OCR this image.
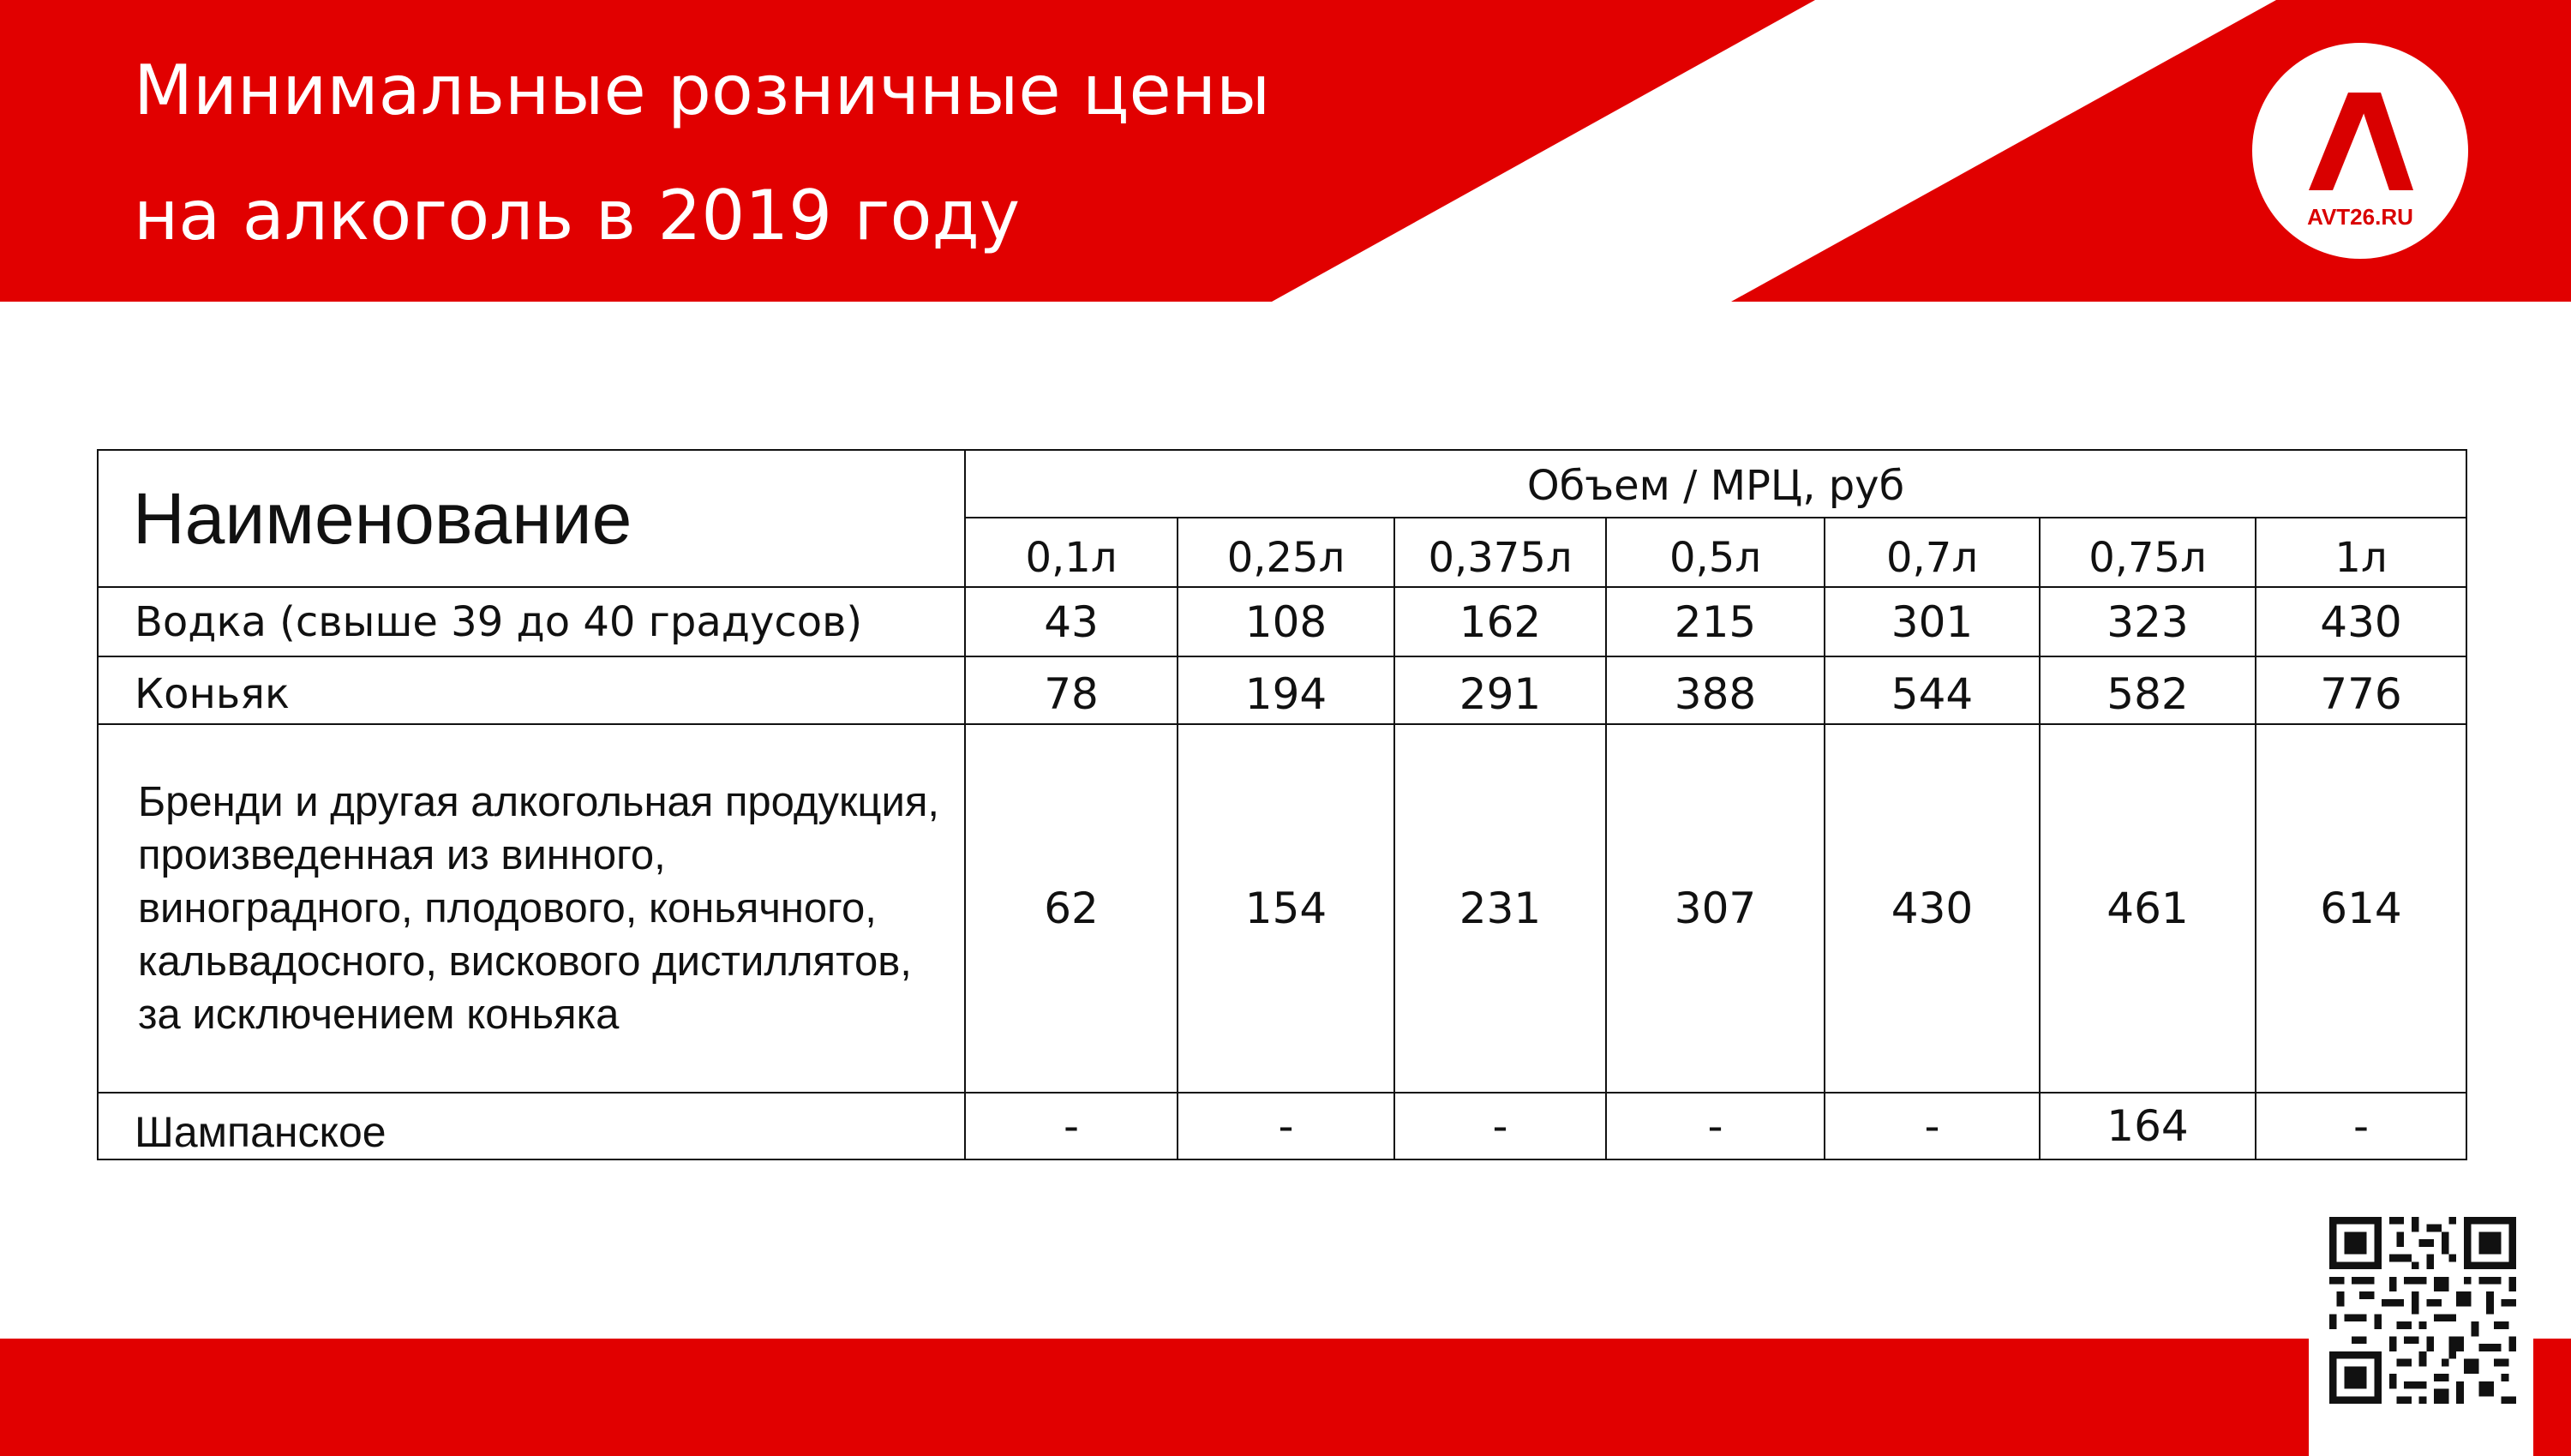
Минимальные розничные цены
на алкоголь в 2019 году	AVT26.RU
Наименование	Объем / МРЦ, руб						
	0,1л	0,25л	0,375л	0,5л	0,7л	0,75л	1л
Водка (свыше 39 до 40 градусов)	43	108	162	215	301	323	430
Коньяк	78	194	291	388	544	582	776
Бренди и другая алкогольная продукция, произведенная из винного, виноградного, плодового, коньячного, кальвадосного, вискового дистиллятов, за исключением коньяка	62	154	231	307	430	461	614
Шампанское	-	-	-	-	-	164	-
